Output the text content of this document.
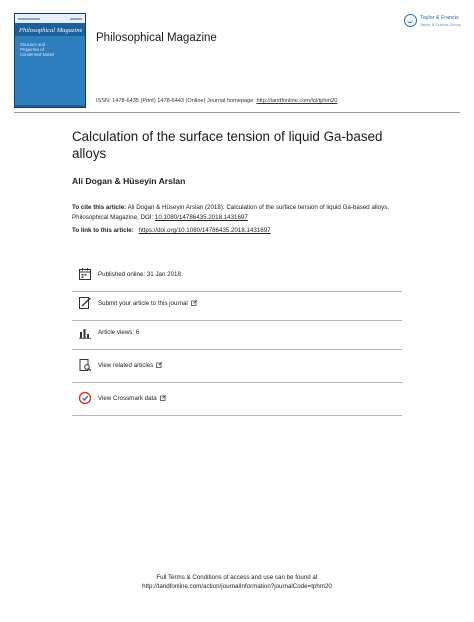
Philosophical Magazine
Structure and
Properties of
Condensed Matter
Philosophical Magazine
Taylor & Francis
Taylor & Francis Group
ISSN: 1478-6435 (Print) 1478-6443 (Online) Journal homepage: http://tandfonline.com/loi/tphm20
Calculation of the surface tension of liquid Ga-based alloys
Ali Dogan & Hüseyin Arslan
To cite this article: Ali Dogan & Hüseyin Arslan (2018): Calculation of the surface tension of liquid Ga-based alloys, Philosophical Magazine, DOI: 10.1080/14786435.2018.1431697
To link to this article: https://doi.org/10.1080/14786435.2018.1431697
Published online: 31 Jan 2018.
Submit your article to this journal
Article views: 6
View related articles
View Crossmark data
Full Terms & Conditions of access and use can be found at
http://tandfonline.com/action/journalInformation?journalCode=tphm20
